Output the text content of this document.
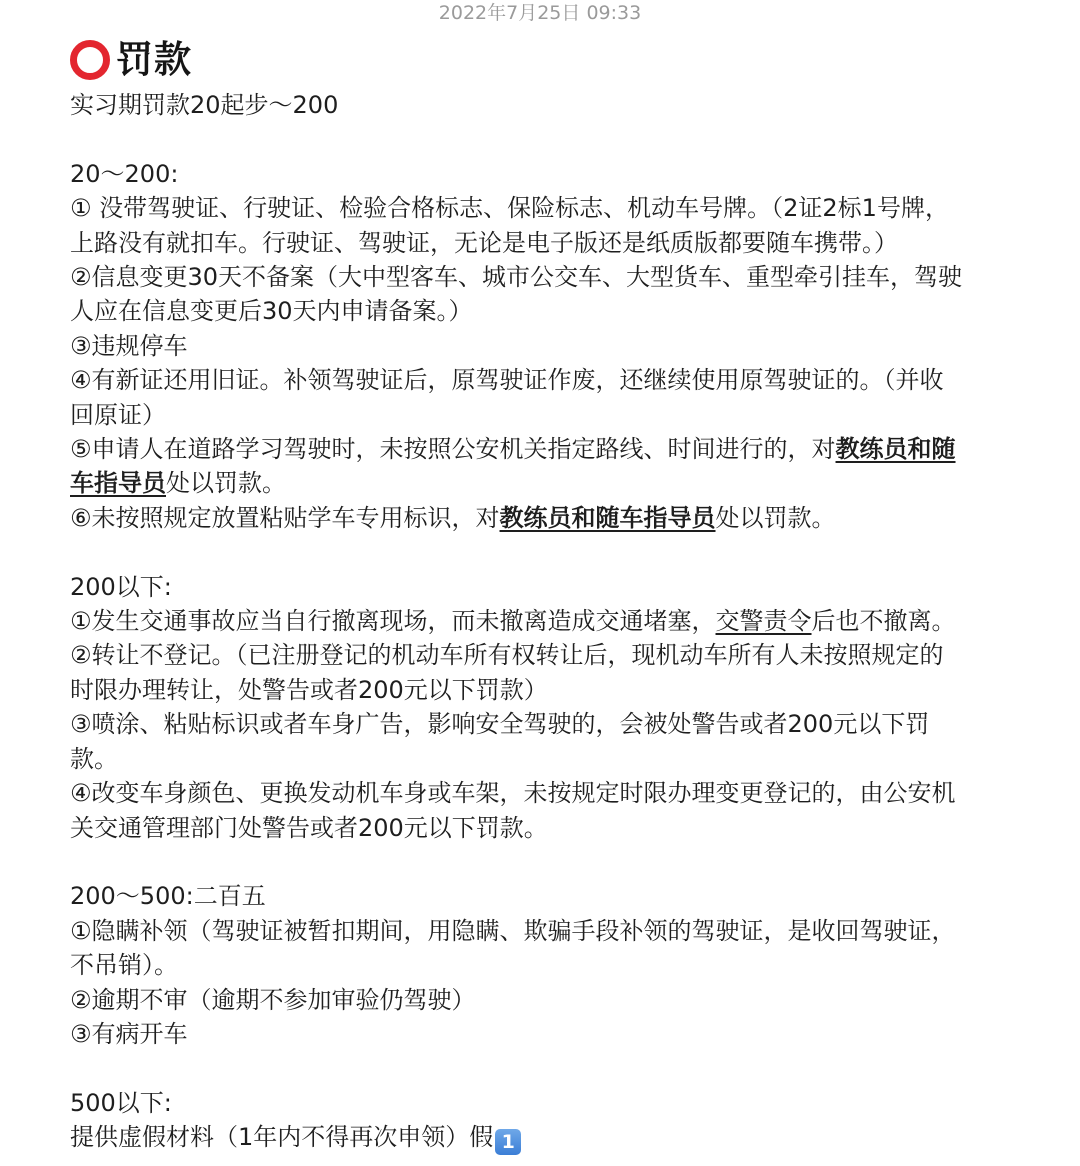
2022年7月25日 09:33
罚款
实习期罚款20起步～200
20～200:
① 没带驾驶证、行驶证、检验合格标志、保险标志、机动车号牌。（2证2标1号牌，
上路没有就扣车。行驶证、驾驶证，无论是电子版还是纸质版都要随车携带。）
②信息变更30天不备案（大中型客车、城市公交车、大型货车、重型牵引挂车，驾驶
人应在信息变更后30天内申请备案。）
③违规停车
④有新证还用旧证。补领驾驶证后，原驾驶证作废，还继续使用原驾驶证的。（并收
回原证）
⑤申请人在道路学习驾驶时，未按照公安机关指定路线、时间进行的，对教练员和随
车指导员处以罚款。
⑥未按照规定放置粘贴学车专用标识，对教练员和随车指导员处以罚款。
200以下:
①发生交通事故应当自行撤离现场，而未撤离造成交通堵塞，交警责令后也不撤离。
②转让不登记。（已注册登记的机动车所有权转让后，现机动车所有人未按照规定的
时限办理转让，处警告或者200元以下罚款）
③喷涂、粘贴标识或者车身广告，影响安全驾驶的，会被处警告或者200元以下罚
款。
④改变车身颜色、更换发动机车身或车架，未按规定时限办理变更登记的，由公安机
关交通管理部门处警告或者200元以下罚款。
200～500:二百五
①隐瞒补领（驾驶证被暂扣期间，用隐瞒、欺骗手段补领的驾驶证，是收回驾驶证，
不吊销）。
②逾期不审（逾期不参加审验仍驾驶）
③有病开车
500以下:
提供虚假材料（1年内不得再次申领）假 1
